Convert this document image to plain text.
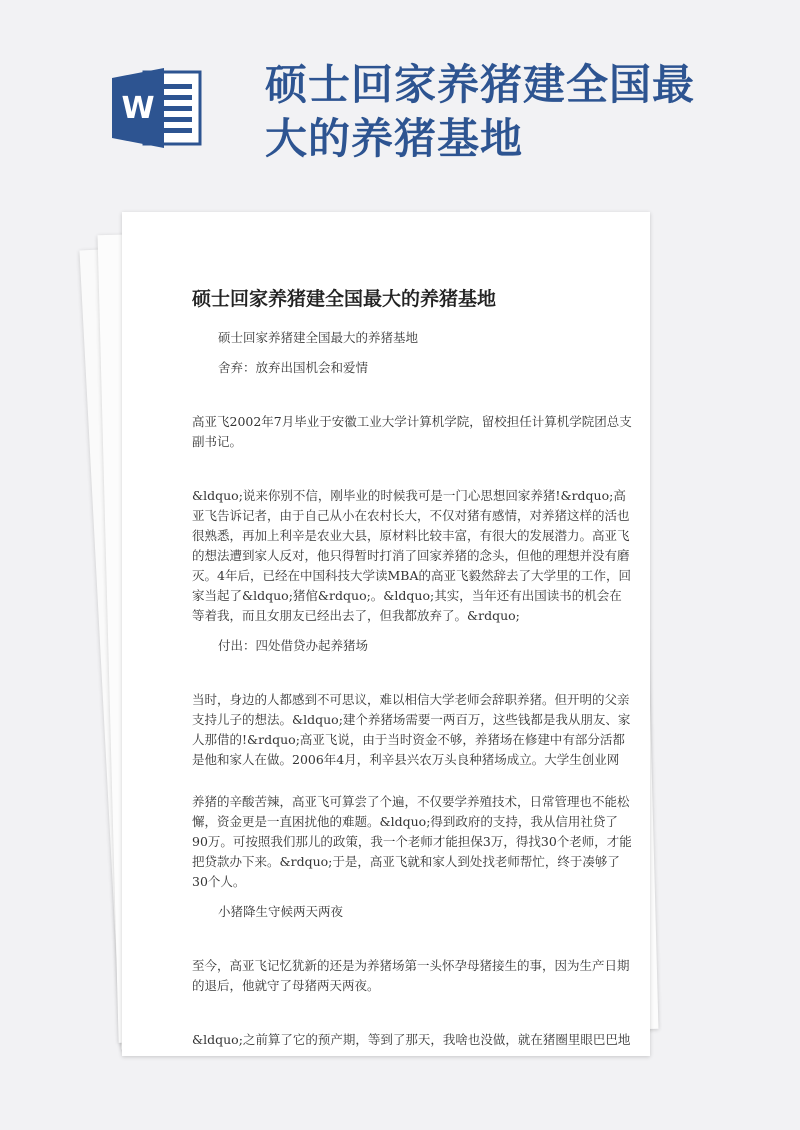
W	硕士回家养猪建全国最大的养猪基地
硕士回家养猪建全国最大的养猪基地

硕士回家养猪建全国最大的养猪基地

舍弃：放弃出国机会和爱情

高亚飞2002年7月毕业于安徽工业大学计算机学院，留校担任计算机学院团总支副书记。

&ldquo;说来你别不信，刚毕业的时候我可是一门心思想回家养猪!&rdquo;高亚飞告诉记者，由于自己从小在农村长大，不仅对猪有感情，对养猪这样的活也很熟悉，再加上利辛是农业大县，原材料比较丰富，有很大的发展潜力。高亚飞的想法遭到家人反对，他只得暂时打消了回家养猪的念头，但他的理想并没有磨灭。4年后，已经在中国科技大学读MBA的高亚飞毅然辞去了大学里的工作，回家当起了&ldquo;猪倌&rdquo;。&ldquo;其实，当年还有出国读书的机会在等着我，而且女朋友已经出去了，但我都放弃了。&rdquo;

付出：四处借贷办起养猪场

当时，身边的人都感到不可思议，难以相信大学老师会辞职养猪。但开明的父亲支持儿子的想法。&ldquo;建个养猪场需要一两百万，这些钱都是我从朋友、家人那借的!&rdquo;高亚飞说，由于当时资金不够，养猪场在修建中有部分活都是他和家人在做。2006年4月，利辛县兴农万头良种猪场成立。大学生创业网

养猪的辛酸苦辣，高亚飞可算尝了个遍，不仅要学养殖技术，日常管理也不能松懈，资金更是一直困扰他的难题。&ldquo;得到政府的支持，我从信用社贷了90万。可按照我们那儿的政策，我一个老师才能担保3万，得找30个老师，才能把贷款办下来。&rdquo;于是，高亚飞就和家人到处找老师帮忙，终于凑够了30个人。

小猪降生守候两天两夜

至今，高亚飞记忆犹新的还是为养猪场第一头怀孕母猪接生的事，因为生产日期的退后，他就守了母猪两天两夜。

&ldquo;之前算了它的预产期，等到了那天，我啥也没做，就在猪圈里眼巴巴地
